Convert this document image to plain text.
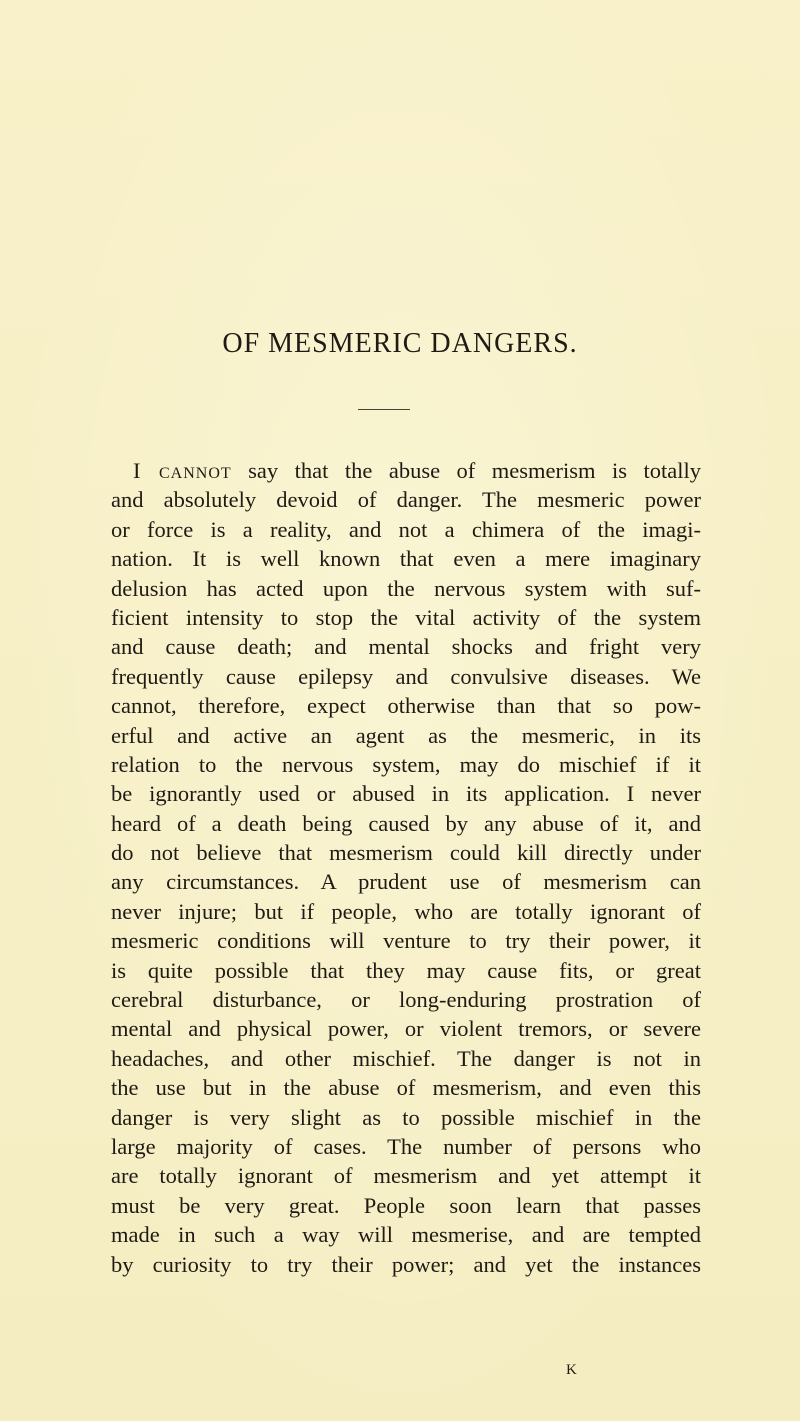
OF MESMERIC DANGERS.
I cannot say that the abuse of mesmerism is totally
and absolutely devoid of danger. The mesmeric power
or force is a reality, and not a chimera of the imagi-
nation. It is well known that even a mere imaginary
delusion has acted upon the nervous system with suf-
ficient intensity to stop the vital activity of the system
and cause death; and mental shocks and fright very
frequently cause epilepsy and convulsive diseases. We
cannot, therefore, expect otherwise than that so pow-
erful and active an agent as the mesmeric, in its
relation to the nervous system, may do mischief if it
be ignorantly used or abused in its application. I never
heard of a death being caused by any abuse of it, and
do not believe that mesmerism could kill directly under
any circumstances. A prudent use of mesmerism can
never injure; but if people, who are totally ignorant of
mesmeric conditions will venture to try their power, it
is quite possible that they may cause fits, or great
cerebral disturbance, or long-enduring prostration of
mental and physical power, or violent tremors, or severe
headaches, and other mischief. The danger is not in
the use but in the abuse of mesmerism, and even this
danger is very slight as to possible mischief in the
large majority of cases. The number of persons who
are totally ignorant of mesmerism and yet attempt it
must be very great. People soon learn that passes
made in such a way will mesmerise, and are tempted
by curiosity to try their power; and yet the instances
K
